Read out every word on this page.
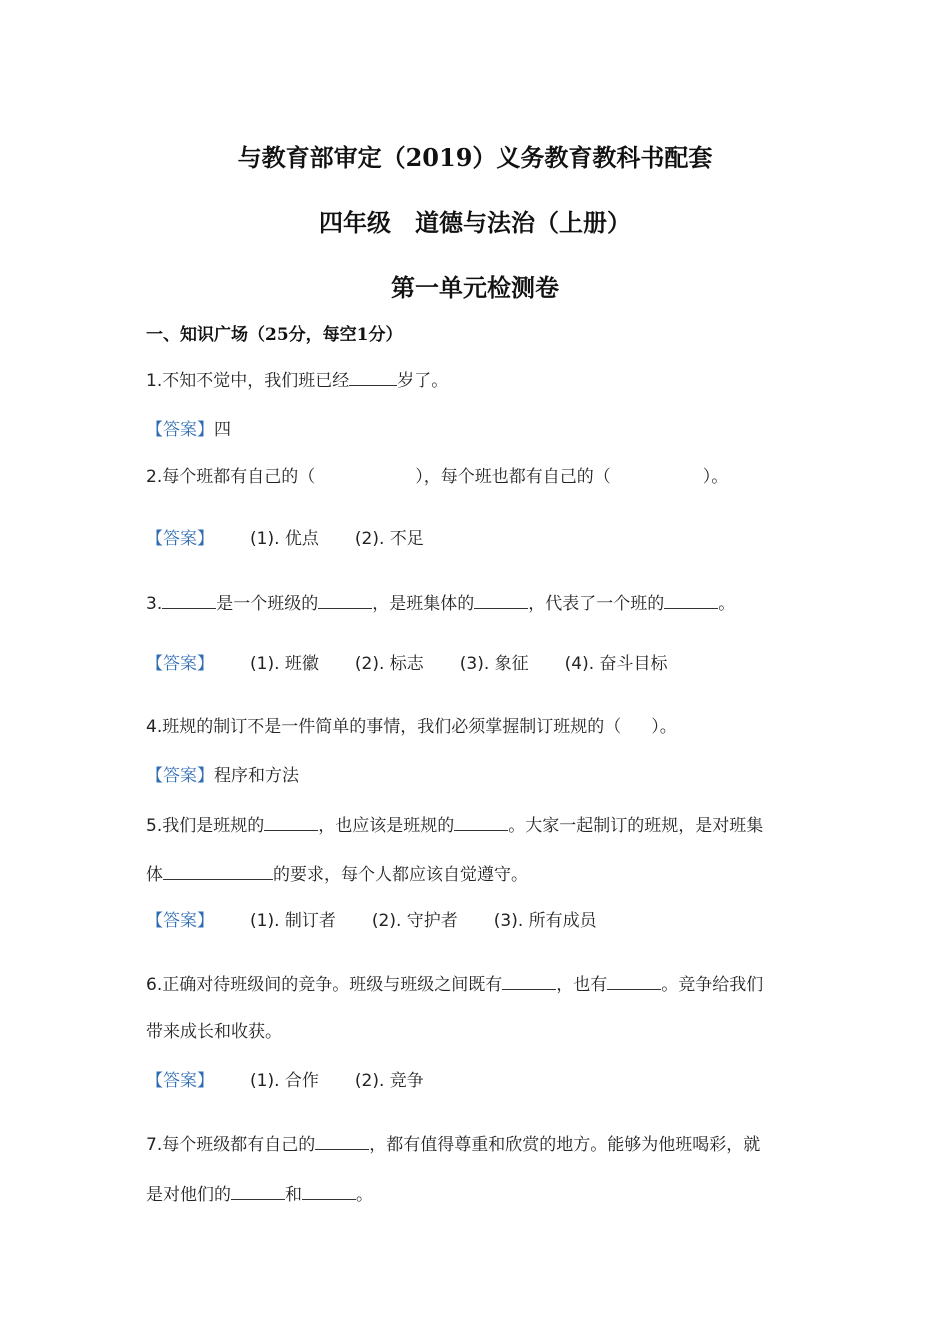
与教育部审定（2019）义务教育教科书配套
四年级　道德与法治（上册）
第一单元检测卷
一、知识广场（25分，每空1分）
1.不知不觉中，我们班已经	岁了。
【答案】四
2.每个班都有自己的（	），每个班也都有自己的（	）。
【答案】 (1). 优点 (2). 不足
3.	是一个班级的	，是班集体的	，代表了一个班的	。
【答案】 (1). 班徽 (2). 标志 (3). 象征 (4). 奋斗目标
4.班规的制订不是一件简单的事情，我们必须掌握制订班规的（ ）。
【答案】程序和方法
5.我们是班规的	，也应该是班规的	。大家一起制订的班规，是对班集
体	的要求，每个人都应该自觉遵守。
【答案】 (1). 制订者 (2). 守护者 (3). 所有成员
6.正确对待班级间的竞争。班级与班级之间既有	，也有	。竞争给我们
带来成长和收获。
【答案】 (1). 合作 (2). 竞争
7.每个班级都有自己的	，都有值得尊重和欣赏的地方。能够为他班喝彩，就
是对他们的	和	。
